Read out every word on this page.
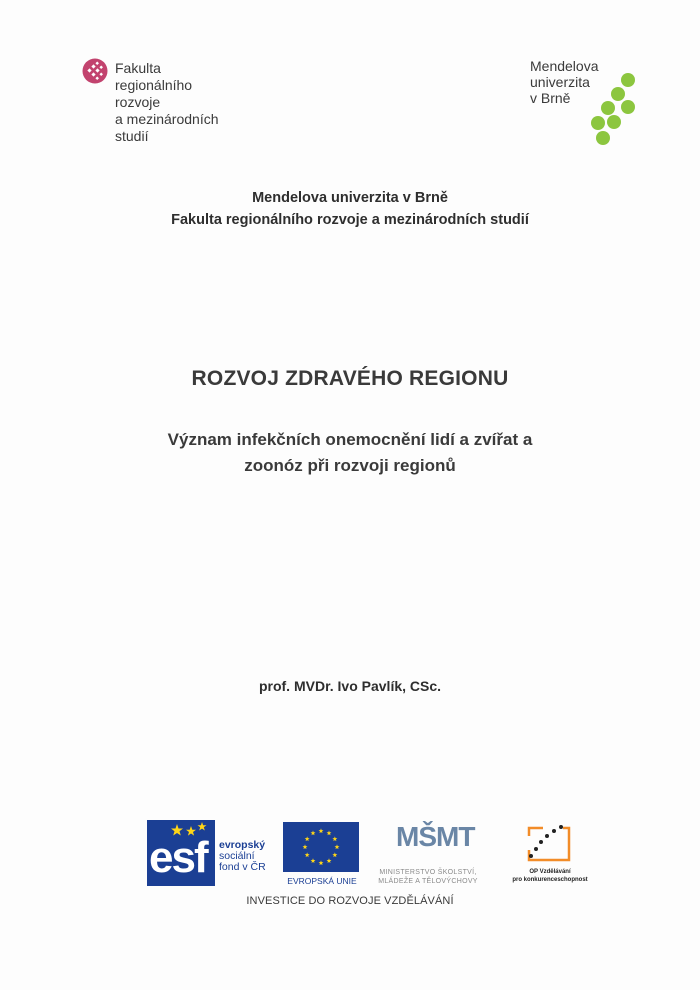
Fakulta
regionálního
rozvoje
a mezinárodních
studií
Mendelova
univerzita
v Brně
Mendelova univerzita v Brně
Fakulta regionálního rozvoje a mezinárodních studií
ROZVOJ ZDRAVÉHO REGIONU
Význam infekčních onemocnění lidí a zvířat a
zoonóz při rozvoji regionů
prof. MVDr. Ivo Pavlík, CSc.
esf evropský
sociální
fond v ČR
EVROPSKÁ UNIE
MŠMT
MINISTERSTVO ŠKOLSTVÍ,
MLÁDEŽE A TĚLOVÝCHOVY
OP Vzdělávání
pro konkurenceschopnost
INVESTICE DO ROZVOJE VZDĚLÁVÁNÍ
